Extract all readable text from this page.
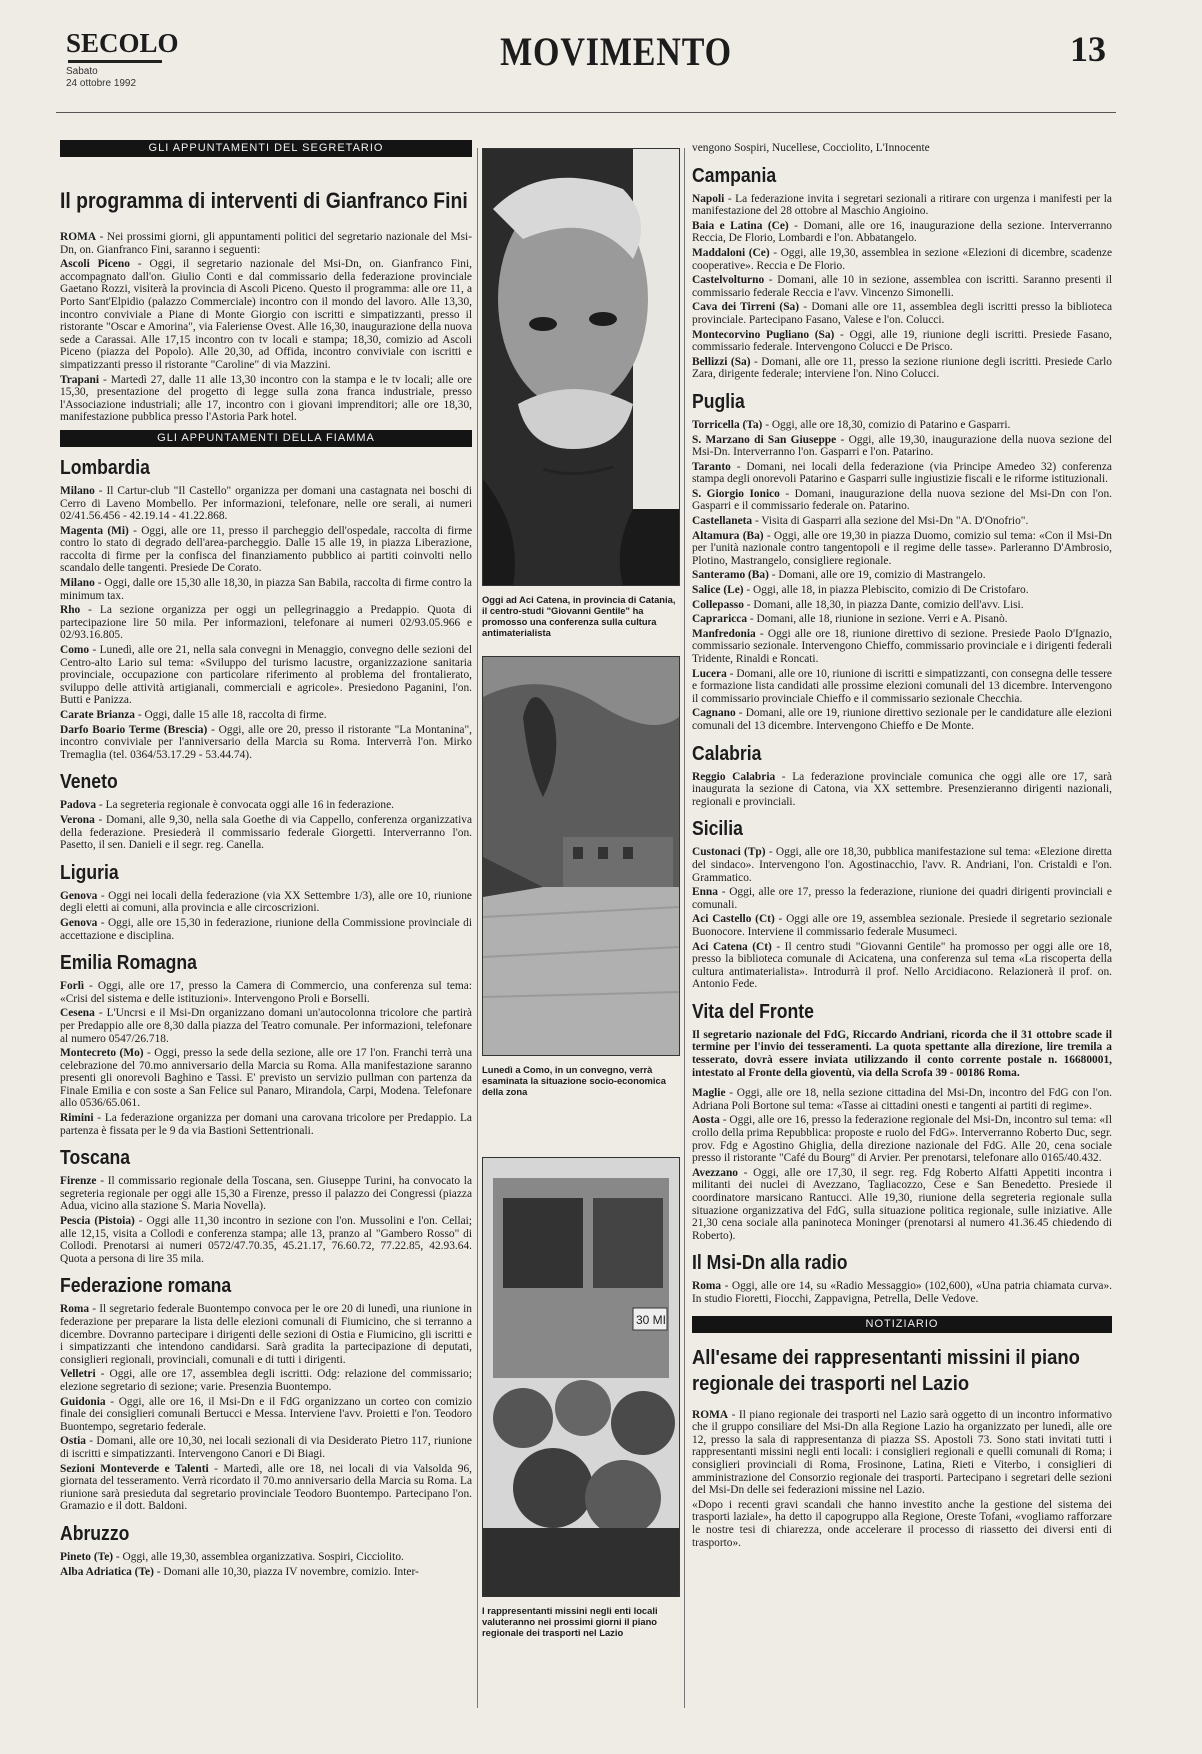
SECOLO
Sabato
24 ottobre 1992
MOVIMENTO	13
GLI APPUNTAMENTI DEL SEGRETARIO
Il programma di interventi di Gianfranco Fini

ROMA - Nei prossimi giorni, gli appuntamenti politici del segretario nazionale del Msi-Dn, on. Gianfranco Fini, saranno i seguenti:

Ascoli Piceno - Oggi, il segretario nazionale del Msi-Dn, on. Gianfranco Fini, accompagnato dall'on. Giulio Conti e dal commissario della federazione provinciale Gaetano Rozzi, visiterà la provincia di Ascoli Piceno. Questo il programma: alle ore 11, a Porto Sant'Elpidio (palazzo Commerciale) incontro con il mondo del lavoro. Alle 13,30, incontro conviviale a Piane di Monte Giorgio con iscritti e simpatizzanti, presso il ristorante "Oscar e Amorina", via Faleriense Ovest. Alle 16,30, inaugurazione della nuova sede a Carassai. Alle 17,15 incontro con tv locali e stampa; 18,30, comizio ad Ascoli Piceno (piazza del Popolo). Alle 20,30, ad Offida, incontro conviviale con iscritti e simpatizzanti presso il ristorante "Caroline" di via Mazzini.

Trapani - Martedì 27, dalle 11 alle 13,30 incontro con la stampa e le tv locali; alle ore 15,30, presentazione del progetto di legge sulla zona franca industriale, presso l'Associazione industriali; alle 17, incontro con i giovani imprenditori; alle ore 18,30, manifestazione pubblica presso l'Astoria Park hotel.

GLI APPUNTAMENTI DELLA FIAMMA
Lombardia

Milano - Il Cartur-club "Il Castello" organizza per domani una castagnata nei boschi di Cerro di Laveno Mombello. Per informazioni, telefonare, nelle ore serali, ai numeri 02/41.56.456 - 42.19.14 - 41.22.868.

Magenta (Mi) - Oggi, alle ore 11, presso il parcheggio dell'ospedale, raccolta di firme contro lo stato di degrado dell'area-parcheggio. Dalle 15 alle 19, in piazza Liberazione, raccolta di firme per la confisca del finanziamento pubblico ai partiti coinvolti nello scandalo delle tangenti. Presiede De Corato.

Milano - Oggi, dalle ore 15,30 alle 18,30, in piazza San Babila, raccolta di firme contro la minimum tax.

Rho - La sezione organizza per oggi un pellegrinaggio a Predappio. Quota di partecipazione lire 50 mila. Per informazioni, telefonare ai numeri 02/93.05.966 e 02/93.16.805.

Como - Lunedì, alle ore 21, nella sala convegni in Menaggio, convegno delle sezioni del Centro-alto Lario sul tema: «Sviluppo del turismo lacustre, organizzazione sanitaria provinciale, occupazione con particolare riferimento al problema del frontalierato, sviluppo delle attività artigianali, commerciali e agricole». Presiedono Paganini, l'on. Butti e Panizza.

Carate Brianza - Oggi, dalle 15 alle 18, raccolta di firme.

Darfo Boario Terme (Brescia) - Oggi, alle ore 20, presso il ristorante "La Montanina", incontro conviviale per l'anniversario della Marcia su Roma. Interverrà l'on. Mirko Tremaglia (tel. 0364/53.17.29 - 53.44.74).

Veneto

Padova - La segreteria regionale è convocata oggi alle 16 in federazione.

Verona - Domani, alle 9,30, nella sala Goethe di via Cappello, conferenza organizzativa della federazione. Presiederà il commissario federale Giorgetti. Interverranno l'on. Pasetto, il sen. Danieli e il segr. reg. Canella.

Liguria

Genova - Oggi nei locali della federazione (via XX Settembre 1/3), alle ore 10, riunione degli eletti ai comuni, alla provincia e alle circoscrizioni.

Genova - Oggi, alle ore 15,30 in federazione, riunione della Commissione provinciale di accettazione e disciplina.

Emilia Romagna

Forlì - Oggi, alle ore 17, presso la Camera di Commercio, una conferenza sul tema: «Crisi del sistema e delle istituzioni». Intervengono Proli e Borselli.

Cesena - L'Uncrsi e il Msi-Dn organizzano domani un'autocolonna tricolore che partirà per Predappio alle ore 8,30 dalla piazza del Teatro comunale. Per informazioni, telefonare al numero 0547/26.718.

Montecreto (Mo) - Oggi, presso la sede della sezione, alle ore 17 l'on. Franchi terrà una celebrazione del 70.mo anniversario della Marcia su Roma. Alla manifestazione saranno presenti gli onorevoli Baghino e Tassi. E' previsto un servizio pullman con partenza da Finale Emilia e con soste a San Felice sul Panaro, Mirandola, Carpi, Modena. Telefonare allo 0536/65.061.

Rimini - La federazione organizza per domani una carovana tricolore per Predappio. La partenza è fissata per le 9 da via Bastioni Settentrionali.

Toscana

Firenze - Il commissario regionale della Toscana, sen. Giuseppe Turini, ha convocato la segreteria regionale per oggi alle 15,30 a Firenze, presso il palazzo dei Congressi (piazza Adua, vicino alla stazione S. Maria Novella).

Pescia (Pistoia) - Oggi alle 11,30 incontro in sezione con l'on. Mussolini e l'on. Cellai; alle 12,15, visita a Collodi e conferenza stampa; alle 13, pranzo al "Gambero Rosso" di Collodi. Prenotarsi ai numeri 0572/47.70.35, 45.21.17, 76.60.72, 77.22.85, 42.93.64. Quota a persona di lire 35 mila.

Federazione romana

Roma - Il segretario federale Buontempo convoca per le ore 20 di lunedì, una riunione in federazione per preparare la lista delle elezioni comunali di Fiumicino, che si terranno a dicembre. Dovranno partecipare i dirigenti delle sezioni di Ostia e Fiumicino, gli iscritti e i simpatizzanti che intendono candidarsi. Sarà gradita la partecipazione di deputati, consiglieri regionali, provinciali, comunali e di tutti i dirigenti.

Velletri - Oggi, alle ore 17, assemblea degli iscritti. Odg: relazione del commissario; elezione segretario di sezione; varie. Presenzia Buontempo.

Guidonia - Oggi, alle ore 16, il Msi-Dn e il FdG organizzano un corteo con comizio finale dei consiglieri comunali Bertucci e Messa. Interviene l'avv. Proietti e l'on. Teodoro Buontempo, segretario federale.

Ostia - Domani, alle ore 10,30, nei locali sezionali di via Desiderato Pietro 117, riunione di iscritti e simpatizzanti. Intervengono Canori e Di Biagi.

Sezioni Monteverde e Talenti - Martedì, alle ore 18, nei locali di via Valsolda 96, giornata del tesseramento. Verrà ricordato il 70.mo anniversario della Marcia su Roma. La riunione sarà presieduta dal segretario provinciale Teodoro Buontempo. Partecipano l'on. Gramazio e il dott. Baldoni.

Abruzzo

Pineto (Te) - Oggi, alle 19,30, assemblea organizzativa. Sospiri, Cicciolito.

Alba Adriatica (Te) - Domani alle 10,30, piazza IV novembre, comizio. Inter-

Oggi ad Aci Catena, in provincia di Catania, il centro-studi "Giovanni Gentile" ha promosso una conferenza sulla cultura antimaterialista
Lunedì a Como, in un convegno, verrà esaminata la situazione socio-economica della zona
30 MI
I rappresentanti missini negli enti locali valuteranno nei prossimi giorni il piano regionale dei trasporti nel Lazio

vengono Sospiri, Nucellese, Cocciolito, L'Innocente

Campania

Napoli - La federazione invita i segretari sezionali a ritirare con urgenza i manifesti per la manifestazione del 28 ottobre al Maschio Angioino.

Baia e Latina (Ce) - Domani, alle ore 16, inaugurazione della sezione. Interverranno Reccia, De Florio, Lombardi e l'on. Abbatangelo.

Maddaloni (Ce) - Oggi, alle 19,30, assemblea in sezione «Elezioni di dicembre, scadenze cooperative». Reccia e De Florio.

Castelvolturno - Domani, alle 10 in sezione, assemblea con iscritti. Saranno presenti il commissario federale Reccia e l'avv. Vincenzo Simonelli.

Cava dei Tirreni (Sa) - Domani alle ore 11, assemblea degli iscritti presso la biblioteca provinciale. Partecipano Fasano, Valese e l'on. Colucci.

Montecorvino Pugliano (Sa) - Oggi, alle 19, riunione degli iscritti. Presiede Fasano, commissario federale. Intervengono Colucci e De Prisco.

Bellizzi (Sa) - Domani, alle ore 11, presso la sezione riunione degli iscritti. Presiede Carlo Zara, dirigente federale; interviene l'on. Nino Colucci.

Puglia

Torricella (Ta) - Oggi, alle ore 18,30, comizio di Patarino e Gasparri.

S. Marzano di San Giuseppe - Oggi, alle 19,30, inaugurazione della nuova sezione del Msi-Dn. Interverranno l'on. Gasparri e l'on. Patarino.

Taranto - Domani, nei locali della federazione (via Principe Amedeo 32) conferenza stampa degli onorevoli Patarino e Gasparri sulle ingiustizie fiscali e le riforme istituzionali.

S. Giorgio Ionico - Domani, inaugurazione della nuova sezione del Msi-Dn con l'on. Gasparri e il commissario federale on. Patarino.

Castellaneta - Visita di Gasparri alla sezione del Msi-Dn "A. D'Onofrio".

Altamura (Ba) - Oggi, alle ore 19,30 in piazza Duomo, comizio sul tema: «Con il Msi-Dn per l'unità nazionale contro tangentopoli e il regime delle tasse». Parleranno D'Ambrosio, Plotino, Mastrangelo, consigliere regionale.

Santeramo (Ba) - Domani, alle ore 19, comizio di Mastrangelo.

Salice (Le) - Oggi, alle 18, in piazza Plebiscito, comizio di De Cristofaro.

Collepasso - Domani, alle 18,30, in piazza Dante, comizio dell'avv. Lisi.

Capraricca - Domani, alle 18, riunione in sezione. Verri e A. Pisanò.

Manfredonia - Oggi alle ore 18, riunione direttivo di sezione. Presiede Paolo D'Ignazio, commissario sezionale. Intervengono Chieffo, commissario provinciale e i dirigenti federali Tridente, Rinaldi e Roncati.

Lucera - Domani, alle ore 10, riunione di iscritti e simpatizzanti, con consegna delle tessere e formazione lista candidati alle prossime elezioni comunali del 13 dicembre. Intervengono il commissario provinciale Chieffo e il commissario sezionale Checchia.

Cagnano - Domani, alle ore 19, riunione direttivo sezionale per le candidature alle elezioni comunali del 13 dicembre. Intervengono Chieffo e De Monte.

Calabria

Reggio Calabria - La federazione provinciale comunica che oggi alle ore 17, sarà inaugurata la sezione di Catona, via XX settembre. Presenzieranno dirigenti nazionali, regionali e provinciali.

Sicilia

Custonaci (Tp) - Oggi, alle ore 18,30, pubblica manifestazione sul tema: «Elezione diretta del sindaco». Intervengono l'on. Agostinacchio, l'avv. R. Andriani, l'on. Cristaldi e l'on. Grammatico.

Enna - Oggi, alle ore 17, presso la federazione, riunione dei quadri dirigenti provinciali e comunali.

Aci Castello (Ct) - Oggi alle ore 19, assemblea sezionale. Presiede il segretario sezionale Buonocore. Interviene il commissario federale Musumeci.

Aci Catena (Ct) - Il centro studi "Giovanni Gentile" ha promosso per oggi alle ore 18, presso la biblioteca comunale di Acicatena, una conferenza sul tema «La riscoperta della cultura antimaterialista». Introdurrà il prof. Nello Arcidiacono. Relazionerà il prof. on. Antonio Fede.

Vita del Fronte

Il segretario nazionale del FdG, Riccardo Andriani, ricorda che il 31 ottobre scade il termine per l'invio dei tesseramenti. La quota spettante alla direzione, lire tremila a tesserato, dovrà essere inviata utilizzando il conto corrente postale n. 16680001, intestato al Fronte della gioventù, via della Scrofa 39 - 00186 Roma.

Maglie - Oggi, alle ore 18, nella sezione cittadina del Msi-Dn, incontro del FdG con l'on. Adriana Poli Bortone sul tema: «Tasse ai cittadini onesti e tangenti ai partiti di regime».

Aosta - Oggi, alle ore 16, presso la federazione regionale del Msi-Dn, incontro sul tema: «Il crollo della prima Repubblica: proposte e ruolo del FdG». Interverranno Roberto Duc, segr. prov. Fdg e Agostino Ghiglia, della direzione nazionale del FdG. Alle 20, cena sociale presso il ristorante "Café du Bourg" di Arvier. Per prenotarsi, telefonare allo 0165/40.432.

Avezzano - Oggi, alle ore 17,30, il segr. reg. Fdg Roberto Alfatti Appetiti incontra i militanti dei nuclei di Avezzano, Tagliacozzo, Cese e San Benedetto. Presiede il coordinatore marsicano Rantucci. Alle 19,30, riunione della segreteria regionale sulla situazione organizzativa del FdG, sulla situazione politica regionale, sulle iniziative. Alle 21,30 cena sociale alla paninoteca Moninger (prenotarsi al numero 41.36.45 chiedendo di Roberto).

Il Msi-Dn alla radio

Roma - Oggi, alle ore 14, su «Radio Messaggio» (102,600), «Una patria chiamata curva». In studio Fioretti, Fiocchi, Zappavigna, Petrella, Delle Vedove.

NOTIZIARIO
All'esame dei rappresentanti missini il piano regionale dei trasporti nel Lazio

ROMA - Il piano regionale dei trasporti nel Lazio sarà oggetto di un incontro informativo che il gruppo consiliare del Msi-Dn alla Regione Lazio ha organizzato per lunedì, alle ore 12, presso la sala di rappresentanza di piazza SS. Apostoli 73. Sono stati invitati tutti i rappresentanti missini negli enti locali: i consiglieri regionali e quelli comunali di Roma; i consiglieri provinciali di Roma, Frosinone, Latina, Rieti e Viterbo, i consiglieri di amministrazione del Consorzio regionale dei trasporti. Partecipano i segretari delle sezioni del Msi-Dn delle sei federazioni missine nel Lazio.

«Dopo i recenti gravi scandali che hanno investito anche la gestione del sistema dei trasporti laziale», ha detto il capogruppo alla Regione, Oreste Tofani, «vogliamo rafforzare le nostre tesi di chiarezza, onde accelerare il processo di riassetto dei diversi enti di trasporto».
